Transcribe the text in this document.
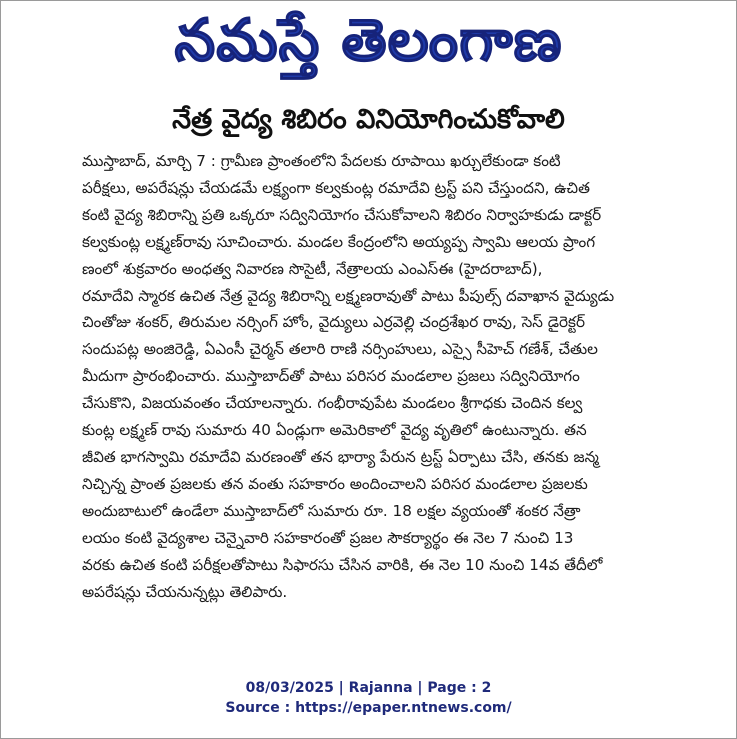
నమస్తే తెలంగాణ
నేత్ర వైద్య శిబిరం వినియోగించుకోవాలి
ముస్తాబాద్, మార్చి 7 : గ్రామీణ ప్రాంతంలోని పేదలకు రూపాయి ఖర్చులేకుండా కంటి
పరీక్షలు, అపరేషన్లు చేయడమే లక్ష్యంగా కల్వకుంట్ల రమాదేవి ట్రస్ట్ పని చేస్తుందని, ఉచిత
కంటి వైద్య శిబిరాన్ని ప్రతి ఒక్కరూ సద్వినియోగం చేసుకోవాలని శిబిరం నిర్వాహకుడు డాక్టర్
కల్వకుంట్ల లక్ష్మణ్‌రావు సూచించారు. మండల కేంద్రంలోని అయ్యప్ప స్వామి ఆలయ ప్రాంగ
ణంలో శుక్రవారం అంధత్వ నివారణ సొసైటీ, నేత్రాలయ ఎంఎస్‌ఈ (హైదరాబాద్),
రమాదేవి స్మారక ఉచిత నేత్ర వైద్య శిబిరాన్ని లక్ష్మణరావుతో పాటు పీపుల్స్ దవాఖాన వైద్యుడు
చింతోజు శంకర్, తిరుమల నర్సింగ్ హోం, వైద్యులు ఎర్రవెల్లి చంద్రశేఖర రావు, సెస్ డైరెక్టర్
సందుపట్ల అంజిరెడ్డి, ఏఎంసీ చైర్మన్ తలారి రాణి నర్సింహులు, ఎస్సై సీహెచ్ గణేశ్, చేతుల
మీదుగా ప్రారంభించారు. ముస్తాబాద్‌తో పాటు పరిసర మండలాల ప్రజలు సద్వినియోగం
చేసుకొని, విజయవంతం చేయాలన్నారు. గంభీరావుపేట మండలం శ్రీగాధకు చెందిన కల్వ
కుంట్ల లక్ష్మణ్ రావు సుమారు 40 ఏండ్లుగా అమెరికాలో వైద్య వృతిలో ఉంటున్నారు. తన
జీవిత భాగస్వామి రమాదేవి మరణంతో తన భార్యా పేరున ట్రస్ట్ ఏర్పాటు చేసి, తనకు జన్మ
నిచ్చిన్న ప్రాంత ప్రజలకు తన వంతు సహకారం అందించాలని పరిసర మండలాల ప్రజలకు
అందుబాటులో ఉండేలా ముస్తాబాద్‌లో సుమారు రూ. 18 లక్షల వ్యయంతో శంకర నేత్రా
లయం కంటి వైద్యశాల చెన్నైవారి సహకారంతో ప్రజల సౌకర్యార్థం ఈ నెల 7 నుంచి 13
వరకు ఉచిత కంటి పరీక్షలతోపాటు సిఫారసు చేసిన వారికి, ఈ నెల 10 నుంచి 14వ తేదీలో
అపరేషన్లు చేయనున్నట్లు తెలిపారు.
08/03/2025 | Rajanna | Page : 2
Source : https://epaper.ntnews.com/
